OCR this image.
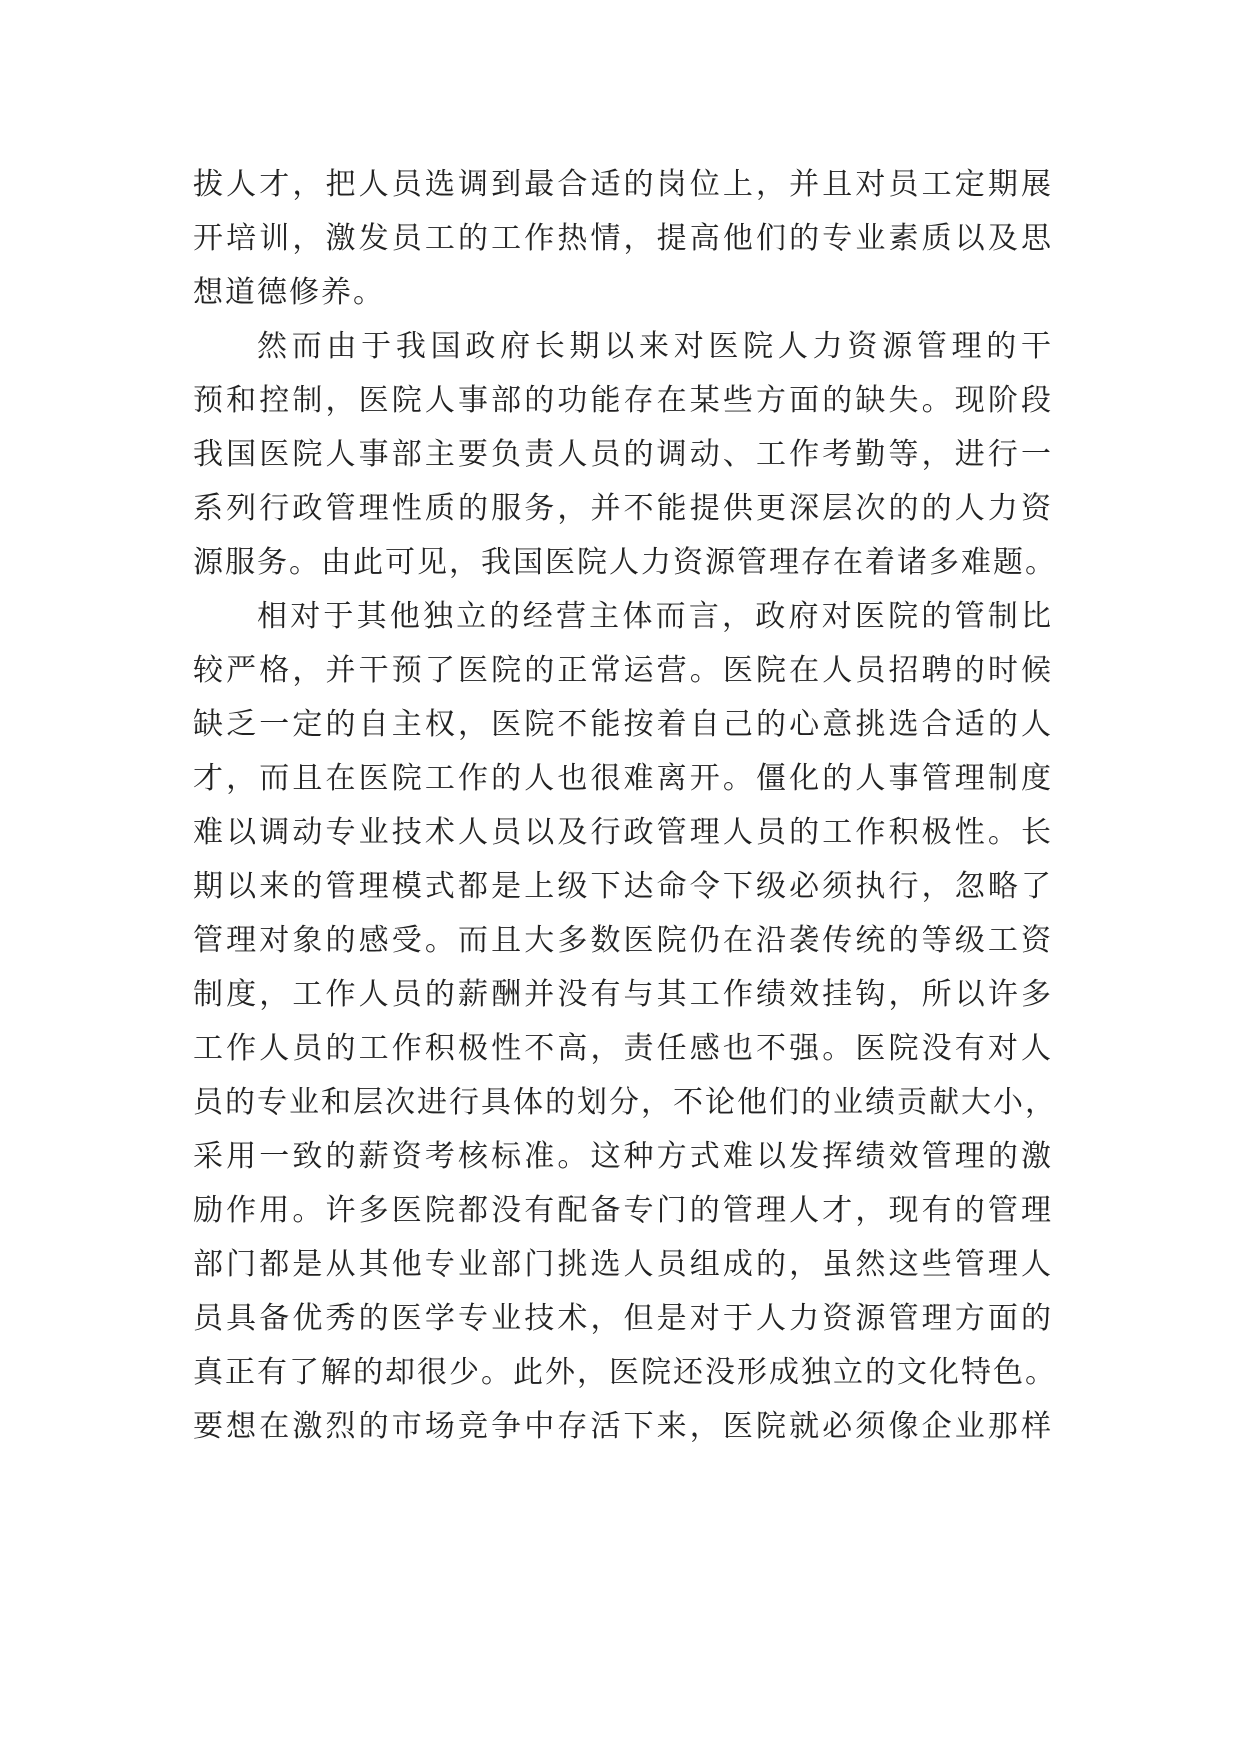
拔人才，把人员选调到最合适的岗位上，并且对员工定期展
开培训，激发员工的工作热情，提高他们的专业素质以及思
想道德修养。
然而由于我国政府长期以来对医院人力资源管理的干
预和控制，医院人事部的功能存在某些方面的缺失。现阶段
我国医院人事部主要负责人员的调动、工作考勤等，进行一
系列行政管理性质的服务，并不能提供更深层次的的人力资
源服务。由此可见，我国医院人力资源管理存在着诸多难题。
相对于其他独立的经营主体而言，政府对医院的管制比
较严格，并干预了医院的正常运营。医院在人员招聘的时候
缺乏一定的自主权，医院不能按着自己的心意挑选合适的人
才，而且在医院工作的人也很难离开。僵化的人事管理制度
难以调动专业技术人员以及行政管理人员的工作积极性。长
期以来的管理模式都是上级下达命令下级必须执行，忽略了
管理对象的感受。而且大多数医院仍在沿袭传统的等级工资
制度，工作人员的薪酬并没有与其工作绩效挂钩，所以许多
工作人员的工作积极性不高，责任感也不强。医院没有对人
员的专业和层次进行具体的划分，不论他们的业绩贡献大小，
采用一致的薪资考核标准。这种方式难以发挥绩效管理的激
励作用。许多医院都没有配备专门的管理人才，现有的管理
部门都是从其他专业部门挑选人员组成的，虽然这些管理人
员具备优秀的医学专业技术，但是对于人力资源管理方面的
真正有了解的却很少。此外，医院还没形成独立的文化特色。
要想在激烈的市场竞争中存活下来，医院就必须像企业那样
